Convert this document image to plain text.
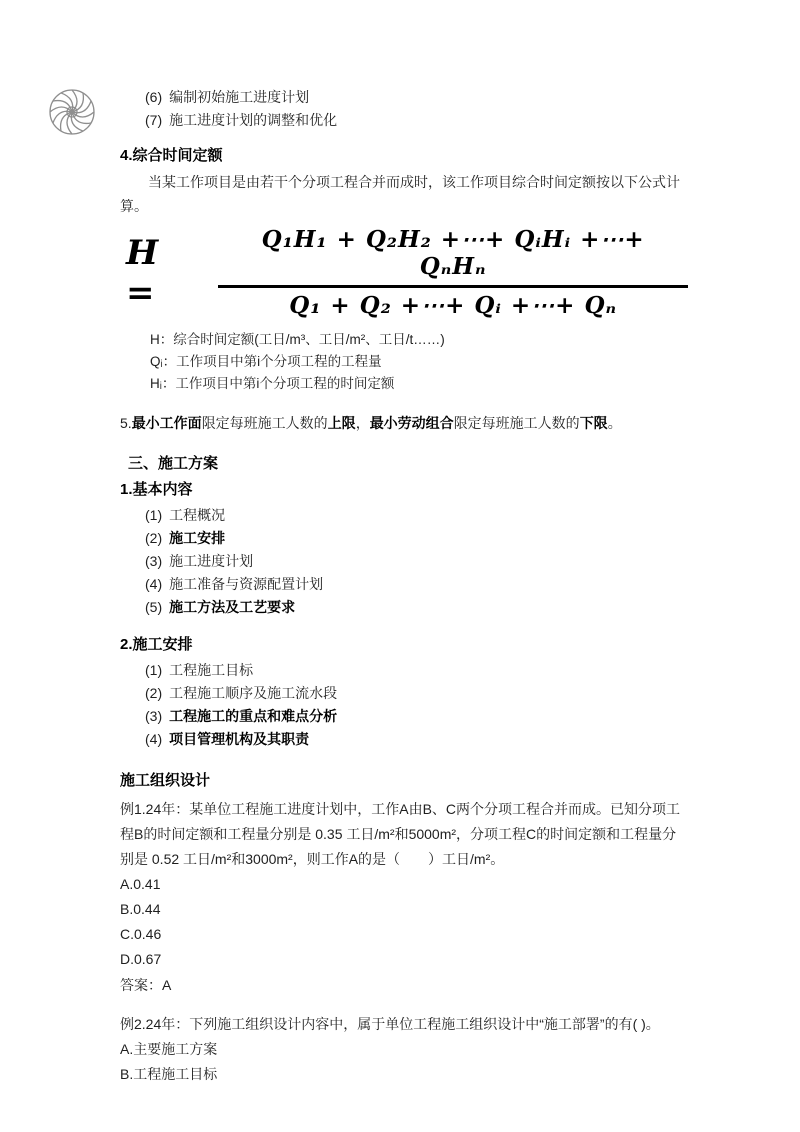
(6) 编制初始施工进度计划
(7) 施工进度计划的调整和优化
4.综合时间定额

当某工作项目是由若干个分项工程合并而成时，该工作项目综合时间定额按以下公式计算。

H =	$\frac{\text{Q₁H₁ + Q₂H₂ +⋯+ QᵢHᵢ +⋯+ QₙHₙ}}{\text{Q₁ + Q₂ +⋯+ Qᵢ +⋯+ Qₙ}}$
H：综合时间定额(工日/m³、工日/m²、工日/t……)
Qᵢ：工作项目中第i个分项工程的工程量
Hᵢ：工作项目中第i个分项工程的时间定额

5.最小工作面限定每班施工人数的上限，最小劳动组合限定每班施工人数的下限。

三、施工方案
1.基本内容
(1) 工程概况
(2) 施工安排
(3) 施工进度计划
(4) 施工准备与资源配置计划
(5) 施工方法及工艺要求
2.施工安排
(1) 工程施工目标
(2) 工程施工顺序及施工流水段
(3) 工程施工的重点和难点分析
(4) 项目管理机构及其职责
施工组织设计

例1.24年：某单位工程施工进度计划中，工作A由B、C两个分项工程合并而成。已知分项工程B的时间定额和工程量分别是 0.35 工日/m²和5000m²，分项工程C的时间定额和工程量分别是 0.52 工日/m²和3000m²，则工作A的是（　　）工日/m²。

A.0.41
B.0.44
C.0.46
D.0.67
答案：A

例2.24年：下列施工组织设计内容中，属于单位工程施工组织设计中“施工部署”的有( )。

A.主要施工方案
B.工程施工目标
